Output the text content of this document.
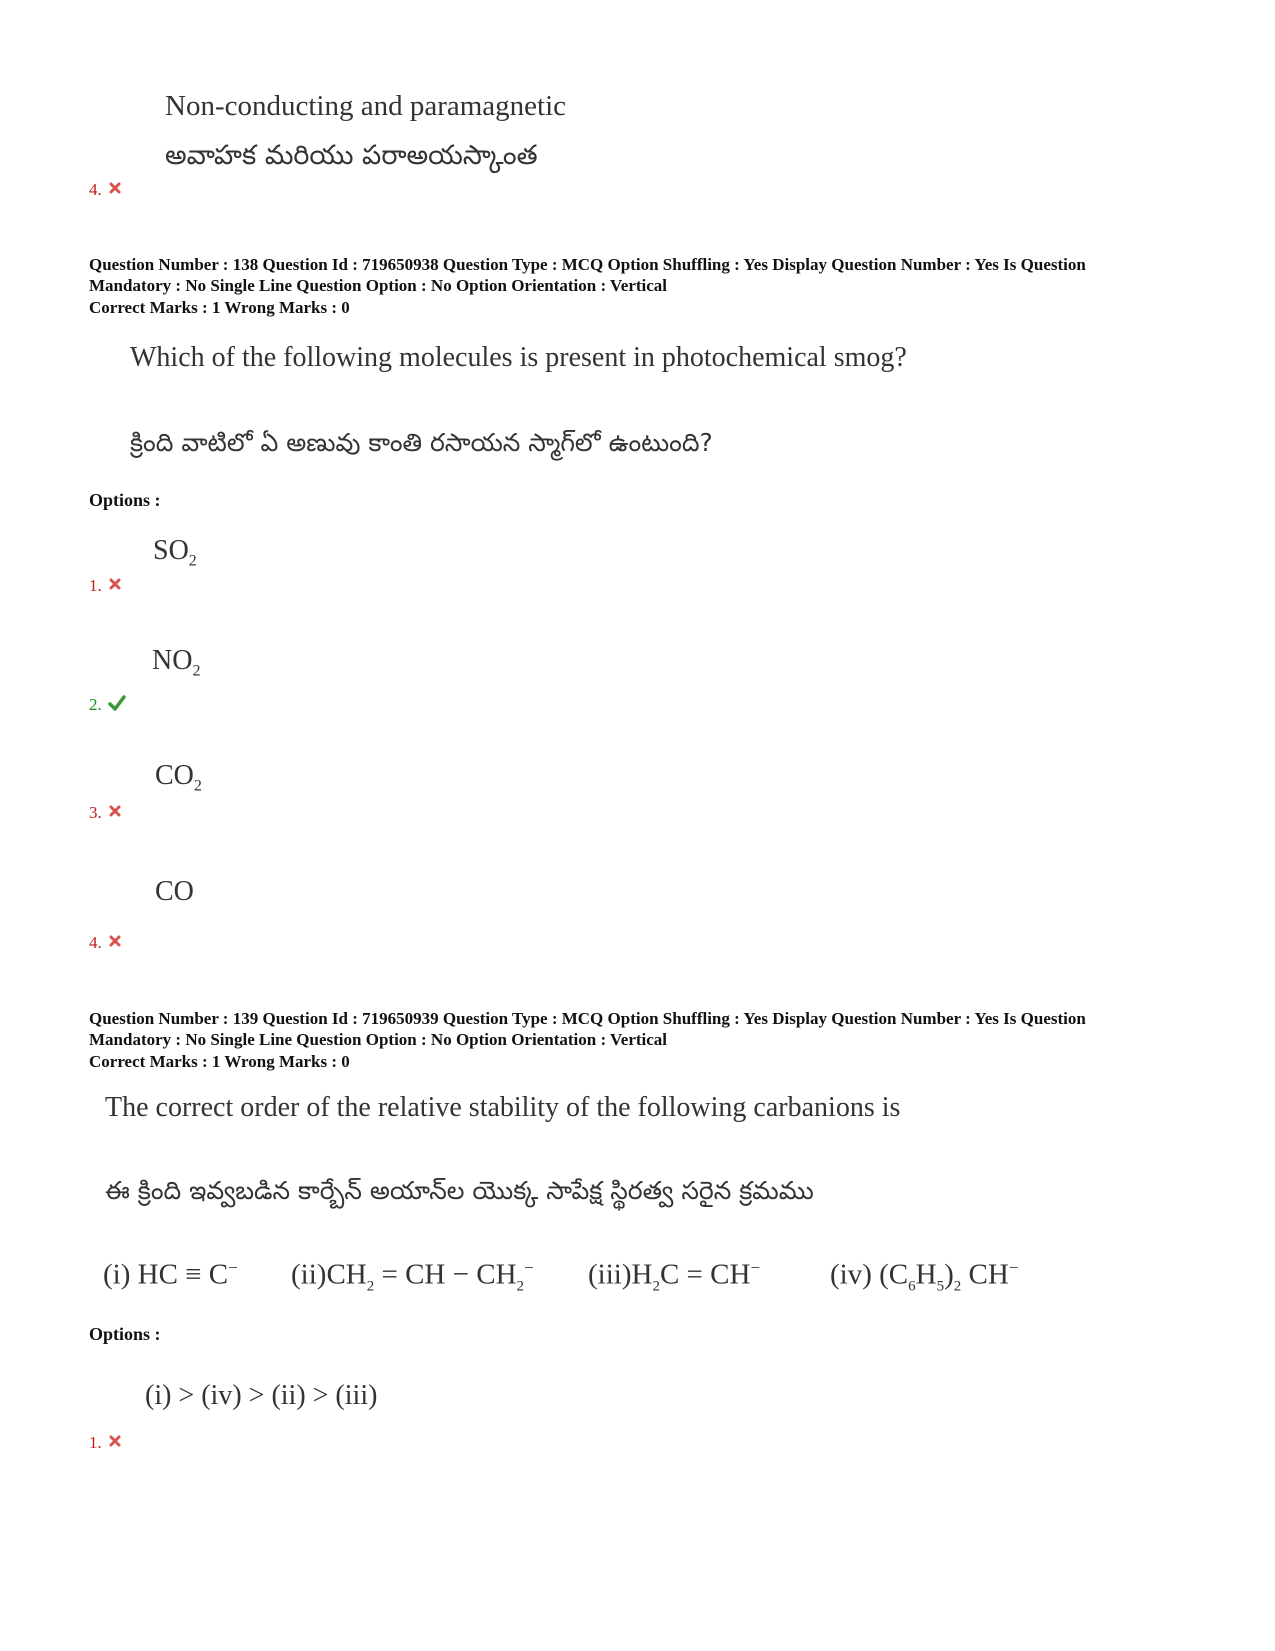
Non-conducting and paramagnetic
అవాహక మరియు పరాఅయస్కాంత
4.
Question Number : 138 Question Id : 719650938 Question Type : MCQ Option Shuffling : Yes Display Question Number : Yes Is Question
Mandatory : No Single Line Question Option : No Option Orientation : Vertical
Correct Marks : 1 Wrong Marks : 0
Which of the following molecules is present in photochemical smog?
క్రింది వాటిలో ఏ అణువు కాంతి రసాయన స్మాగ్‌లో ఉంటుంది?
Options :
$SO_2$
1.
$NO_2$
2.
$CO_2$
3.
CO
4.
Question Number : 139 Question Id : 719650939 Question Type : MCQ Option Shuffling : Yes Display Question Number : Yes Is Question
Mandatory : No Single Line Question Option : No Option Orientation : Vertical
Correct Marks : 1 Wrong Marks : 0
The correct order of the relative stability of the following carbanions is
ఈ క్రింది ఇవ్వబడిన కార్బేన్ అయాన్‌ల యొక్క సాపేక్ష స్థిరత్వ సరైన క్రమము
(i) HC ≡ C− $(ii)CH_2$ = CH − $CH_2^-$ $(iii)H_2C = CH^-$ (iv) $(C_6H_5)_2$ CH−
Options :
(i) > (iv) > (ii) > (iii)
1.
